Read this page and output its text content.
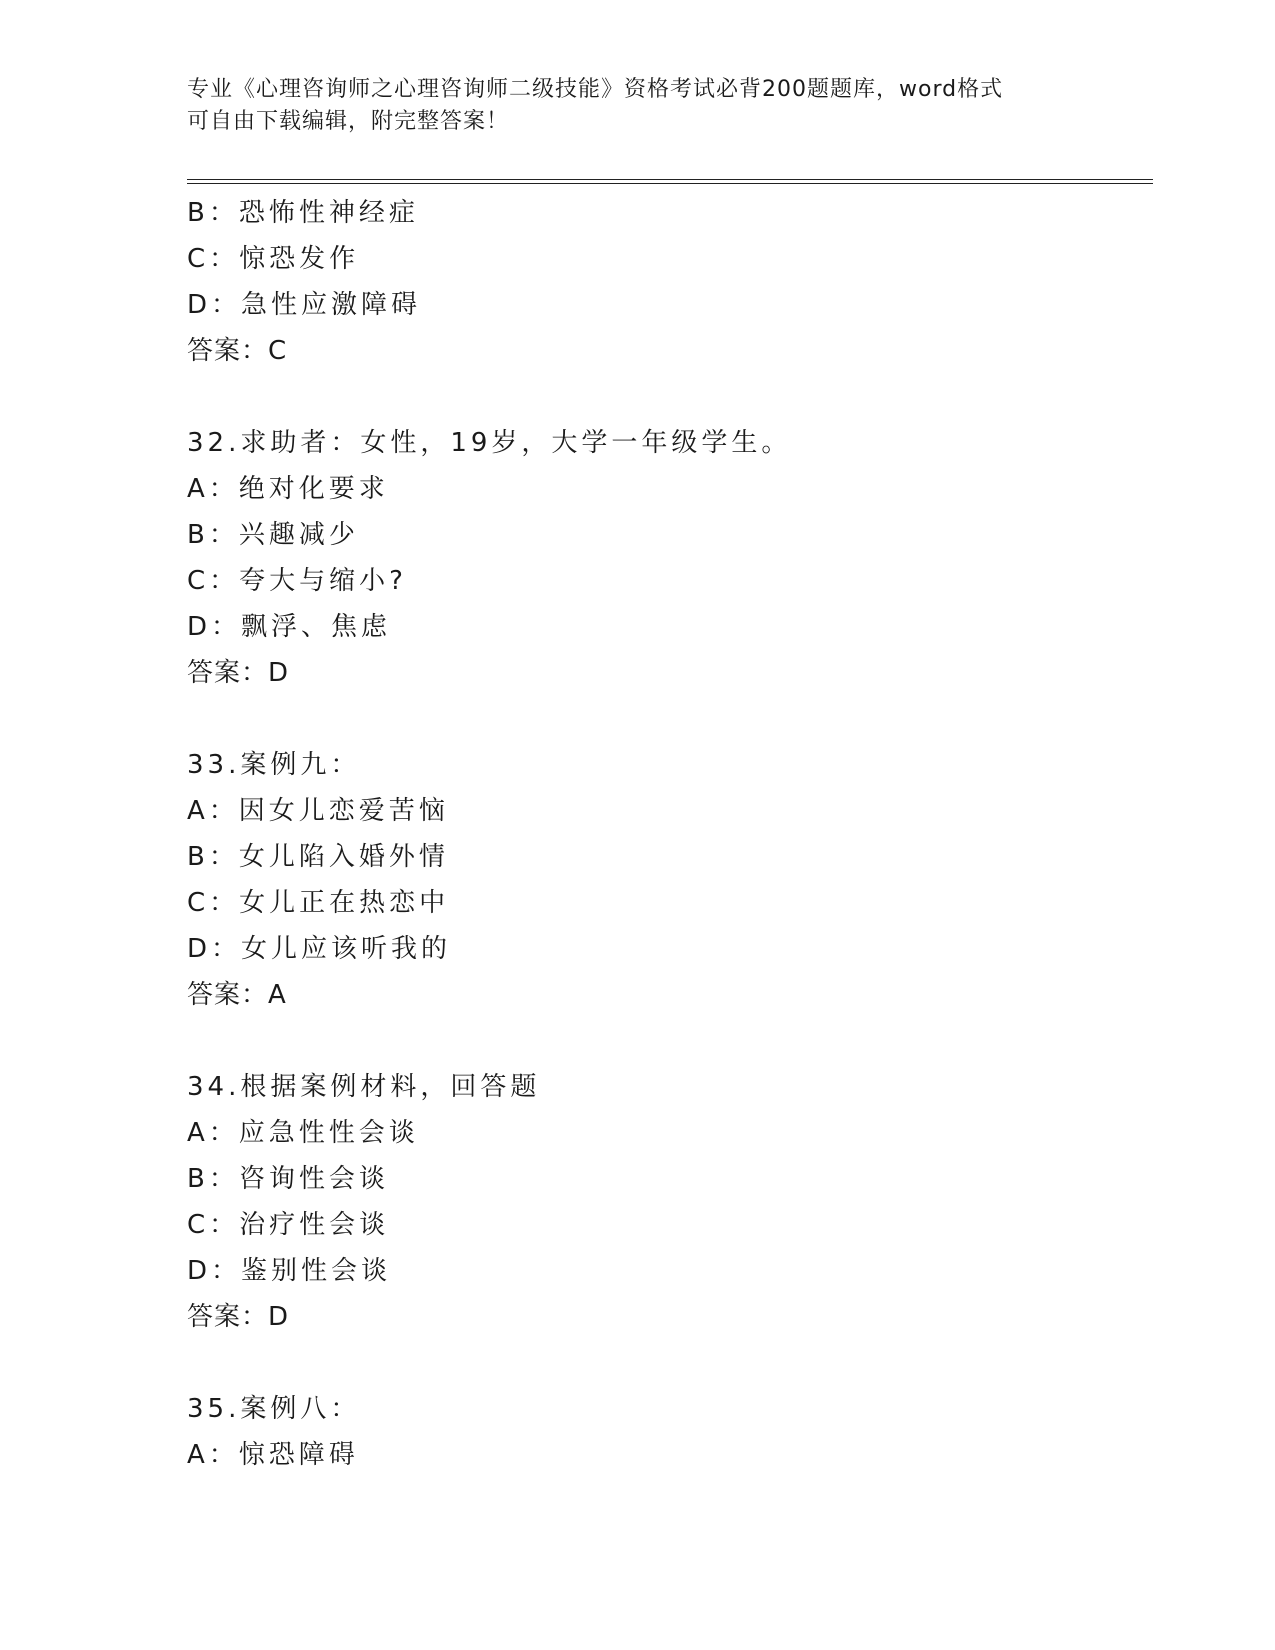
专业《心理咨询师之心理咨询师二级技能》资格考试必背200题题库，word格式
可自由下载编辑，附完整答案！
B：恐怖性神经症
C：惊恐发作
D：急性应激障碍
答案：C
32.求助者：女性，19岁，大学一年级学生。
A：绝对化要求
B：兴趣减少
C：夸大与缩小?
D：飘浮、焦虑
答案：D
33.案例九：
A：因女儿恋爱苦恼
B：女儿陷入婚外情
C：女儿正在热恋中
D：女儿应该听我的
答案：A
34.根据案例材料，回答题
A：应急性性会谈
B：咨询性会谈
C：治疗性会谈
D：鉴别性会谈
答案：D
35.案例八：
A：惊恐障碍
